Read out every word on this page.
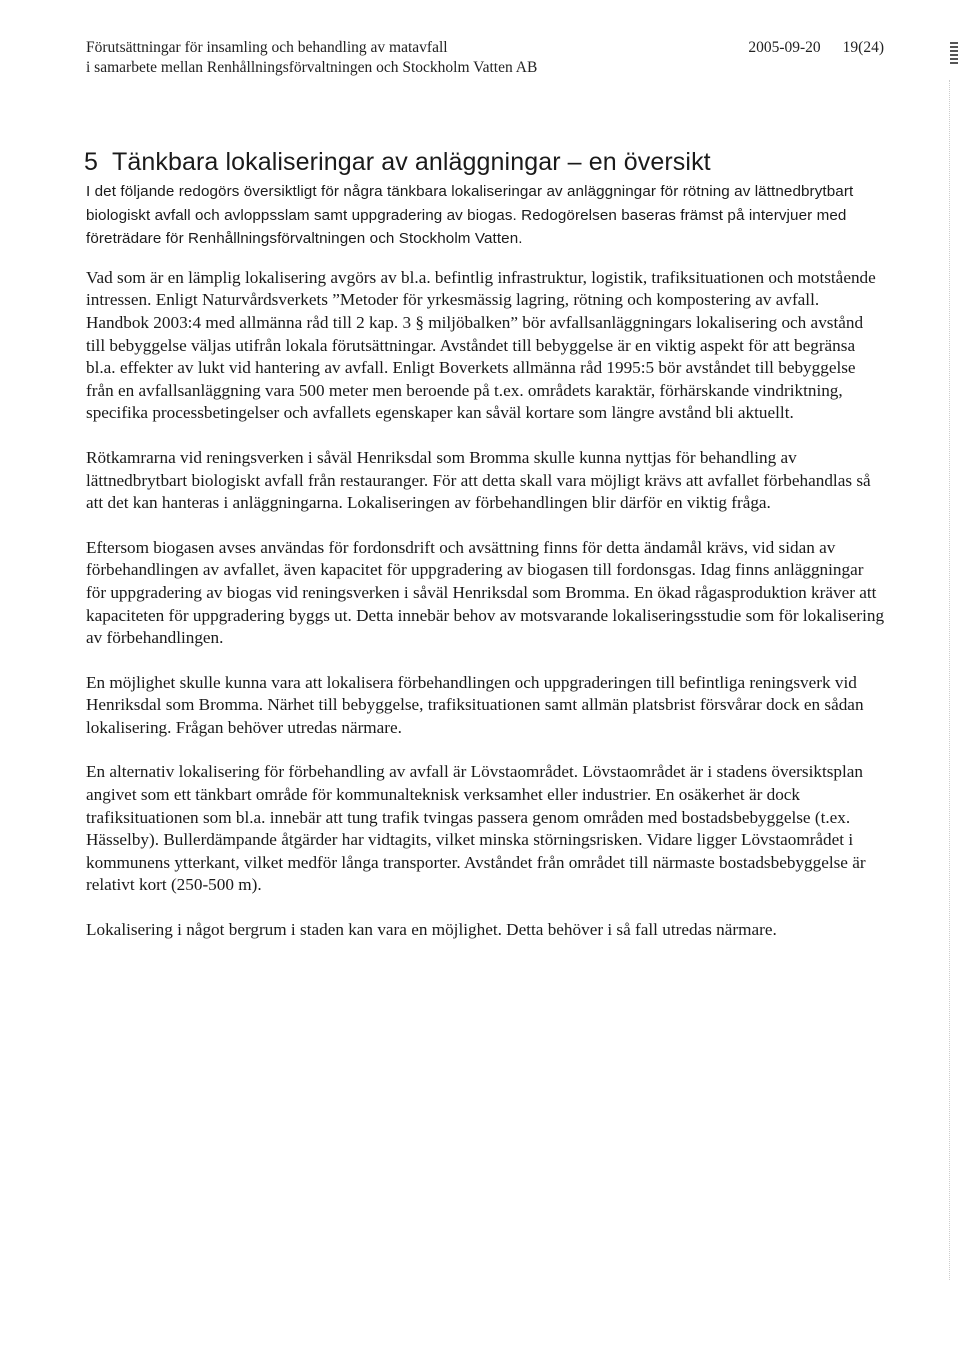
Förutsättningar för insamling och behandling av matavfall
i samarbete mellan Renhållningsförvaltningen och Stockholm Vatten AB
2005-09-20 19(24)
5 Tänkbara lokaliseringar av anläggningar – en översikt

I det följande redogörs översiktligt för några tänkbara lokaliseringar av anläggningar för rötning av lättnedbrytbart biologiskt avfall och avloppsslam samt uppgradering av biogas. Redogörelsen baseras främst på intervjuer med företrädare för Renhållningsförvaltningen och Stockholm Vatten.

Vad som är en lämplig lokalisering avgörs av bl.a. befintlig infrastruktur, logistik, trafiksituationen och motstående intressen. Enligt Naturvårdsverkets ”Metoder för yrkesmässig lagring, rötning och kompostering av avfall. Handbok 2003:4 med allmänna råd till 2 kap. 3 § miljöbalken” bör avfallsanläggningars lokalisering och avstånd till bebyggelse väljas utifrån lokala förutsättningar. Avståndet till bebyggelse är en viktig aspekt för att begränsa bl.a. effekter av lukt vid hantering av avfall. Enligt Boverkets allmänna råd 1995:5 bör avståndet till bebyggelse från en avfallsanläggning vara 500 meter men beroende på t.ex. områdets karaktär, förhärskande vindriktning, specifika processbetingelser och avfallets egenskaper kan såväl kortare som längre avstånd bli aktuellt.

Rötkamrarna vid reningsverken i såväl Henriksdal som Bromma skulle kunna nyttjas för behandling av lättnedbrytbart biologiskt avfall från restauranger. För att detta skall vara möjligt krävs att avfallet förbehandlas så att det kan hanteras i anläggningarna. Lokaliseringen av förbehandlingen blir därför en viktig fråga.

Eftersom biogasen avses användas för fordonsdrift och avsättning finns för detta ändamål krävs, vid sidan av förbehandlingen av avfallet, även kapacitet för uppgradering av biogasen till fordonsgas. Idag finns anläggningar för uppgradering av biogas vid reningsverken i såväl Henriksdal som Bromma. En ökad rågasproduktion kräver att kapaciteten för uppgradering byggs ut. Detta innebär behov av motsvarande lokaliseringsstudie som för lokalisering av förbehandlingen.

En möjlighet skulle kunna vara att lokalisera förbehandlingen och uppgraderingen till befintliga reningsverk vid Henriksdal som Bromma. Närhet till bebyggelse, trafiksituationen samt allmän platsbrist försvårar dock en sådan lokalisering. Frågan behöver utredas närmare.

En alternativ lokalisering för förbehandling av avfall är Lövstaområdet. Lövstaområdet är i stadens översiktsplan angivet som ett tänkbart område för kommunalteknisk verksamhet eller industrier. En osäkerhet är dock trafiksituationen som bl.a. innebär att tung trafik tvingas passera genom områden med bostadsbebyggelse (t.ex. Hässelby). Bullerdämpande åtgärder har vidtagits, vilket minska störningsrisken. Vidare ligger Lövstaområdet i kommunens ytterkant, vilket medför långa transporter. Avståndet från området till närmaste bostadsbebyggelse är relativt kort (250-500 m).

Lokalisering i något bergrum i staden kan vara en möjlighet. Detta behöver i så fall utredas närmare.
